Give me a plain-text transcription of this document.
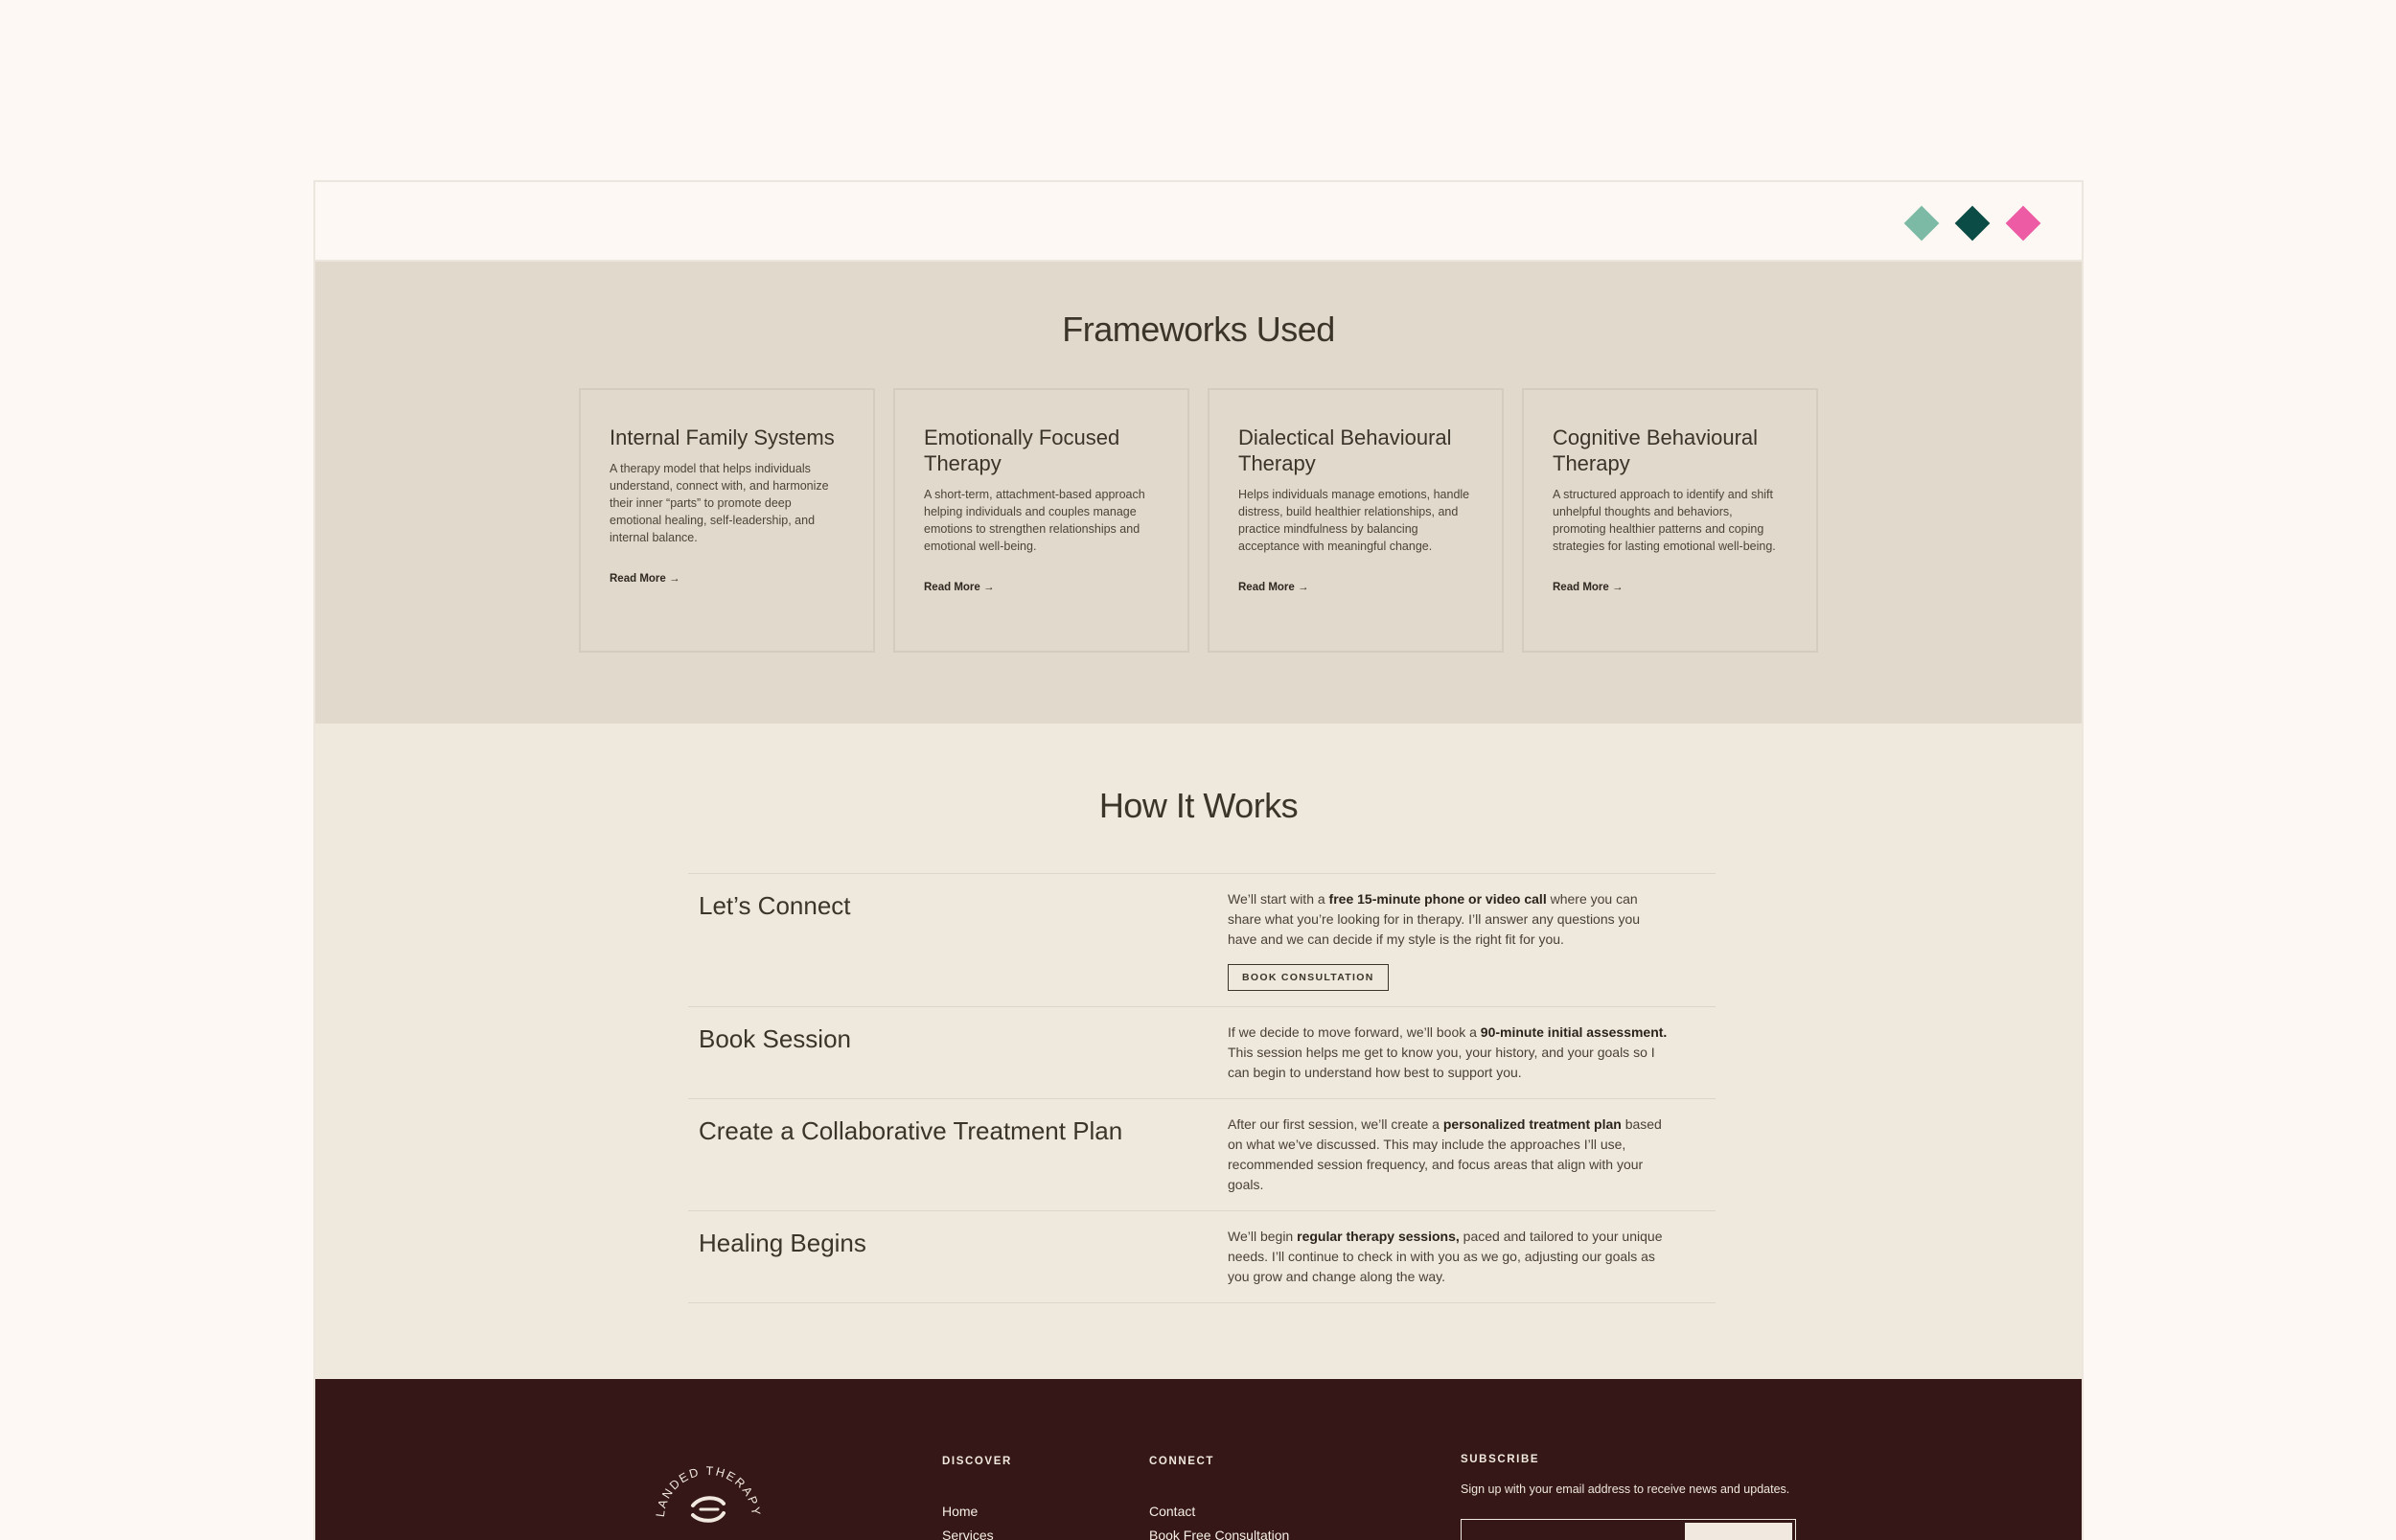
Frameworks Used
Internal Family Systems
A therapy model that helps individuals understand, connect with, and harmonize their inner “parts” to promote deep emotional healing, self-leadership, and internal balance.
Read More →
Emotionally Focused Therapy
A short-term, attachment-based approach helping individuals and couples manage emotions to strengthen relationships and emotional well-being.
Read More →
Dialectical Behavioural Therapy
Helps individuals manage emotions, handle distress, build healthier relationships, and practice mindfulness by balancing acceptance with meaningful change.
Read More →
Cognitive Behavioural Therapy
A structured approach to identify and shift unhelpful thoughts and behaviors, promoting healthier patterns and coping strategies for lasting emotional well-being.
Read More →
How It Works
Let’s Connect	We’ll start with a free 15-minute phone or video call where you can share what you’re looking for in therapy. I’ll answer any questions you have and we can decide if my style is the right fit for you.
BOOK CONSULTATION
Book Session	If we decide to move forward, we’ll book a 90-minute initial assessment. This session helps me get to know you, your history, and your goals so I can begin to understand how best to support you.
Create a Collaborative Treatment Plan	After our first session, we’ll create a personalized treatment plan based on what we’ve discussed. This may include the approaches I’ll use, recommended session frequency, and focus areas that align with your goals.
Healing Begins	We’ll begin regular therapy sessions, paced and tailored to your unique needs. I’ll continue to check in with you as we go, adjusting our goals as you grow and change along the way.
LANDED THERAPY
DISCOVER
Home
Services
CONNECT
Contact
Book Free Consultation
SUBSCRIBE
Sign up with your email address to receive news and updates.
